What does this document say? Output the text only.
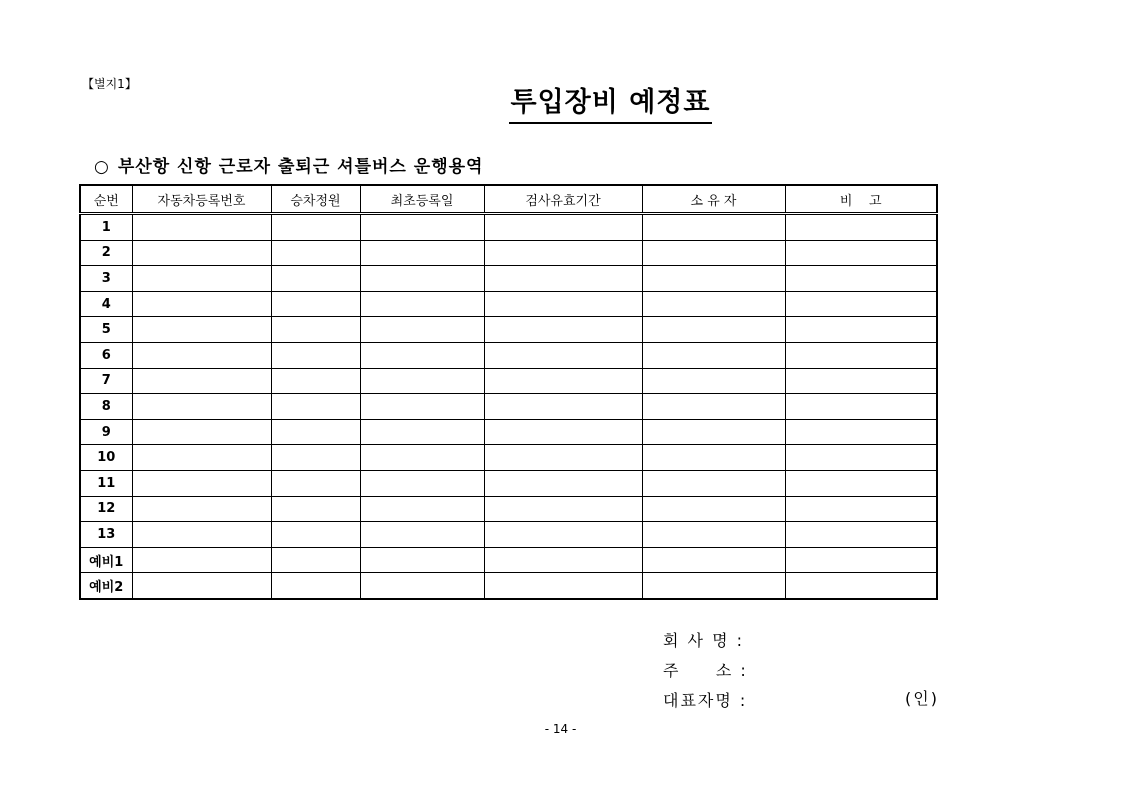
【별지1】
투입장비 예정표
○ 부산항 신항 근로자 출퇴근 셔틀버스 운행용역
순번	자동차등록번호	승차정원	최초등록일	검사유효기간	소 유 자	비    고
1						
2						
3						
4						
5						
6						
7						
8						
9						
10						
11						
12						
13						
예비1						
예비2						
회 사 명 :
주     소 :
대표자명 :	(인)
- 14 -
